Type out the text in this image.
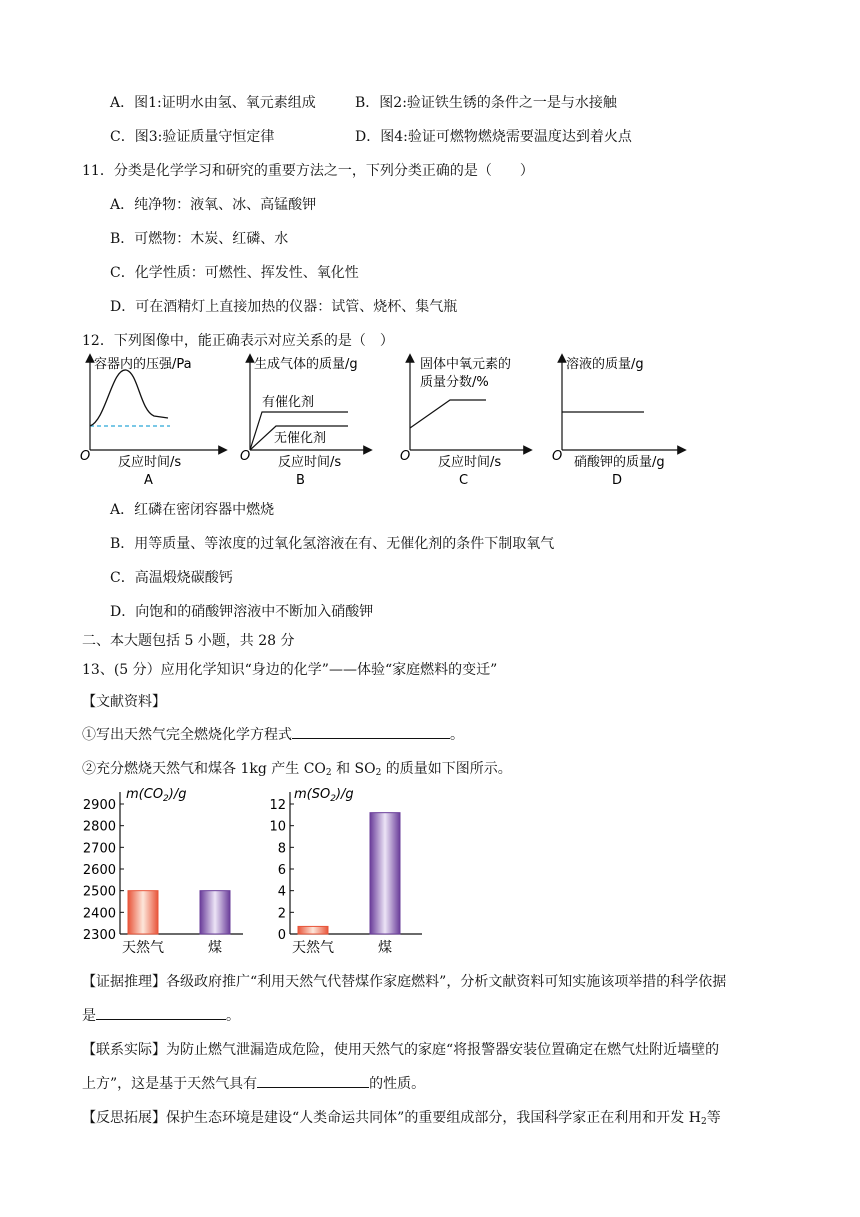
A．图1:证明水由氢、氧元素组成	B．图2:验证铁生锈的条件之一是与水接触
C．图3:验证质量守恒定律	D．图4:验证可燃物燃烧需要温度达到着火点
11．分类是化学学习和研究的重要方法之一，下列分类正确的是（　　）
A．纯净物：液氧、冰、高锰酸钾
B．可燃物：木炭、红磷、水
C．化学性质：可燃性、挥发性、氧化性
D．可在酒精灯上直接加热的仪器：试管、烧杯、集气瓶
12．下列图像中，能正确表示对应关系的是（　）
容器内的压强/Pa
反应时间/s
O
A
生成气体的质量/g
有催化剂
无催化剂
反应时间/s
O
B
固体中氧元素的
质量分数/%
反应时间/s
O
C
溶液的质量/g
硝酸钾的质量/g
O
D
A．红磷在密闭容器中燃烧
B．用等质量、等浓度的过氧化氢溶液在有、无催化剂的条件下制取氧气
C．高温煅烧碳酸钙
D．向饱和的硝酸钾溶液中不断加入硝酸钾
二、本大题包括 5 小题，共 28 分
13、(5 分）应用化学知识“身边的化学”——体验“家庭燃料的变迁”
【文献资料】
①写出天然气完全燃烧化学方程式	。
②充分燃烧天然气和煤各 1kg 产生 $CO_2$ 和 $SO_2$ 的质量如下图所示。
$m(CO_2)/g$
2300
2400
2500
2600
2700
2800
2900
天然气	煤
$m(SO_2)/g$
0
2
4
6
8
10
12
天然气	煤
【证据推理】各级政府推广“利用天然气代替煤作家庭燃料”，分析文献资料可知实施该项举措的科学依据
是	。
【联系实际】为防止燃气泄漏造成危险，使用天然气的家庭“将报警器安装位置确定在燃气灶附近墙壁的
上方”，这是基于天然气具有	的性质。
【反思拓展】保护生态环境是建设“人类命运共同体”的重要组成部分，我国科学家正在利用和开发 $H_2$等
